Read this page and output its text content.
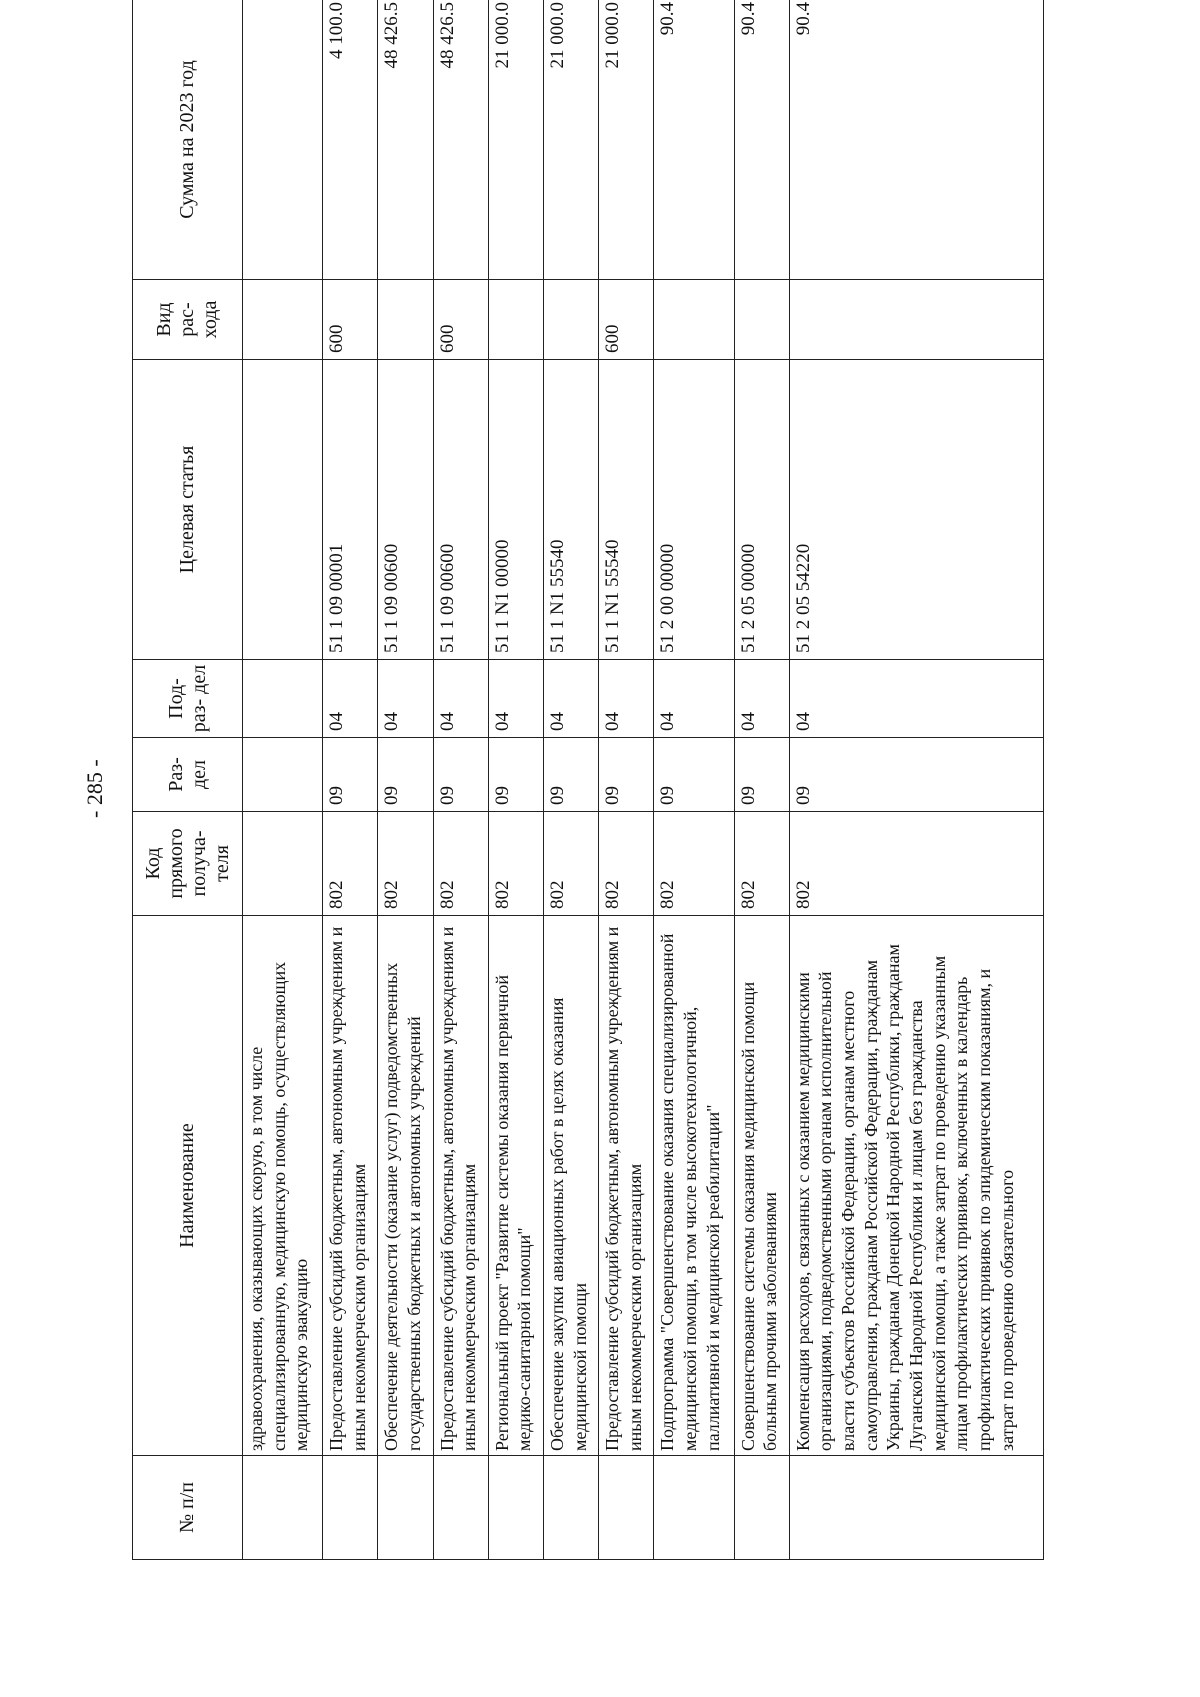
- 285 -
№ п/п	Наименование	Код прямого получа- теля	Раз- дел	Под- раз- дел	Целевая статья	Вид рас- хода	Сумма на 2023 год
	здравоохранения, оказывающих скорую, в том числе специализированную, медицинскую помощь, осуществляющих медицинскую эвакуацию						
	Предоставление субсидий бюджетным, автономным учреждениям и иным некоммерческим организациям	802	09	04	51 1 09 00001	600	4 100.0
	Обеспечение деятельности (оказание услуг) подведомственных государственных бюджетных и автономных учреждений	802	09	04	51 1 09 00600		48 426.5
	Предоставление субсидий бюджетным, автономным учреждениям и иным некоммерческим организациям	802	09	04	51 1 09 00600	600	48 426.5
	Региональный проект "Развитие системы оказания первичной медико-санитарной помощи"	802	09	04	51 1 N1 00000		21 000.0
	Обеспечение закупки авиационных работ в целях оказания медицинской помощи	802	09	04	51 1 N1 55540		21 000.0
	Предоставление субсидий бюджетным, автономным учреждениям и иным некоммерческим организациям	802	09	04	51 1 N1 55540	600	21 000.0
	Подпрограмма "Совершенствование оказания специализированной медицинской помощи, в том числе высокотехнологичной, паллиативной и медицинской реабилитации"	802	09	04	51 2 00 00000		90.4
	Совершенствование системы оказания медицинской помощи больным прочими заболеваниями	802	09	04	51 2 05 00000		90.4
	Компенсация расходов, связанных с оказанием медицинскими организациями, подведомственными органам исполнительной власти субъектов Российской Федерации, органам местного самоуправления, гражданам Российской Федерации, гражданам Украины, гражданам Донецкой Народной Республики, гражданам Луганской Народной Республики и лицам без гражданства медицинской помощи, а также затрат по проведению указанным лицам профилактических прививок, включенных в календарь профилактических прививок по эпидемическим показаниям, и затрат по проведению обязательного	802	09	04	51 2 05 54220		90.4
